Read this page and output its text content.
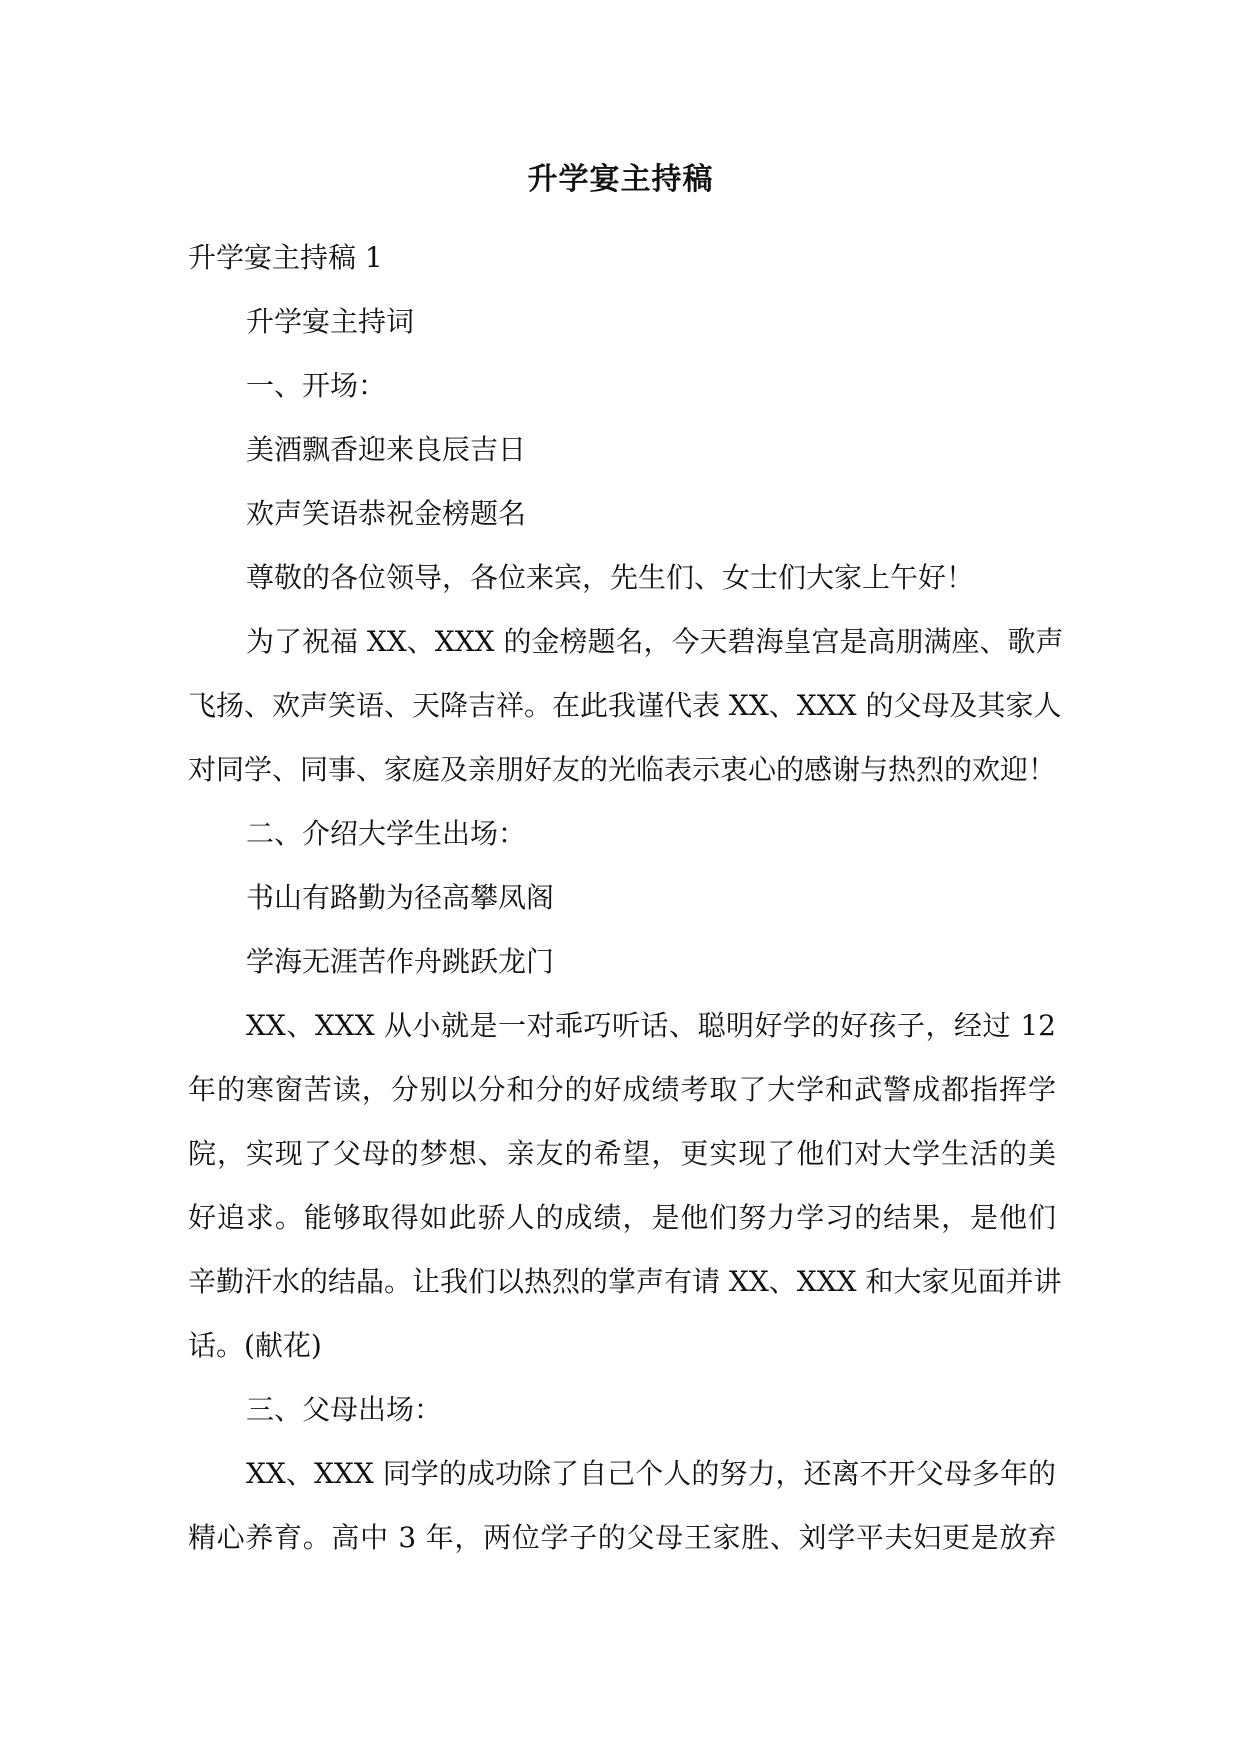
升学宴主持稿

升学宴主持稿 1

升学宴主持词

一、开场：

美酒飘香迎来良辰吉日

欢声笑语恭祝金榜题名

尊敬的各位领导，各位来宾，先生们、女士们大家上午好！

为了祝福 XX、XXX 的金榜题名，今天碧海皇宫是高朋满座、歌声

飞扬、欢声笑语、天降吉祥。在此我谨代表 XX、XXX 的父母及其家人

对同学、同事、家庭及亲朋好友的光临表示衷心的感谢与热烈的欢迎！

二、介绍大学生出场：

书山有路勤为径高攀凤阁

学海无涯苦作舟跳跃龙门

XX、XXX 从小就是一对乖巧听话、聪明好学的好孩子，经过 12

年的寒窗苦读，分别以分和分的好成绩考取了大学和武警成都指挥学

院，实现了父母的梦想、亲友的希望，更实现了他们对大学生活的美

好追求。能够取得如此骄人的成绩，是他们努力学习的结果，是他们

辛勤汗水的结晶。让我们以热烈的掌声有请 XX、XXX 和大家见面并讲

话。(献花)

三、父母出场：

XX、XXX 同学的成功除了自己个人的努力，还离不开父母多年的

精心养育。高中 3 年，两位学子的父母王家胜、刘学平夫妇更是放弃
